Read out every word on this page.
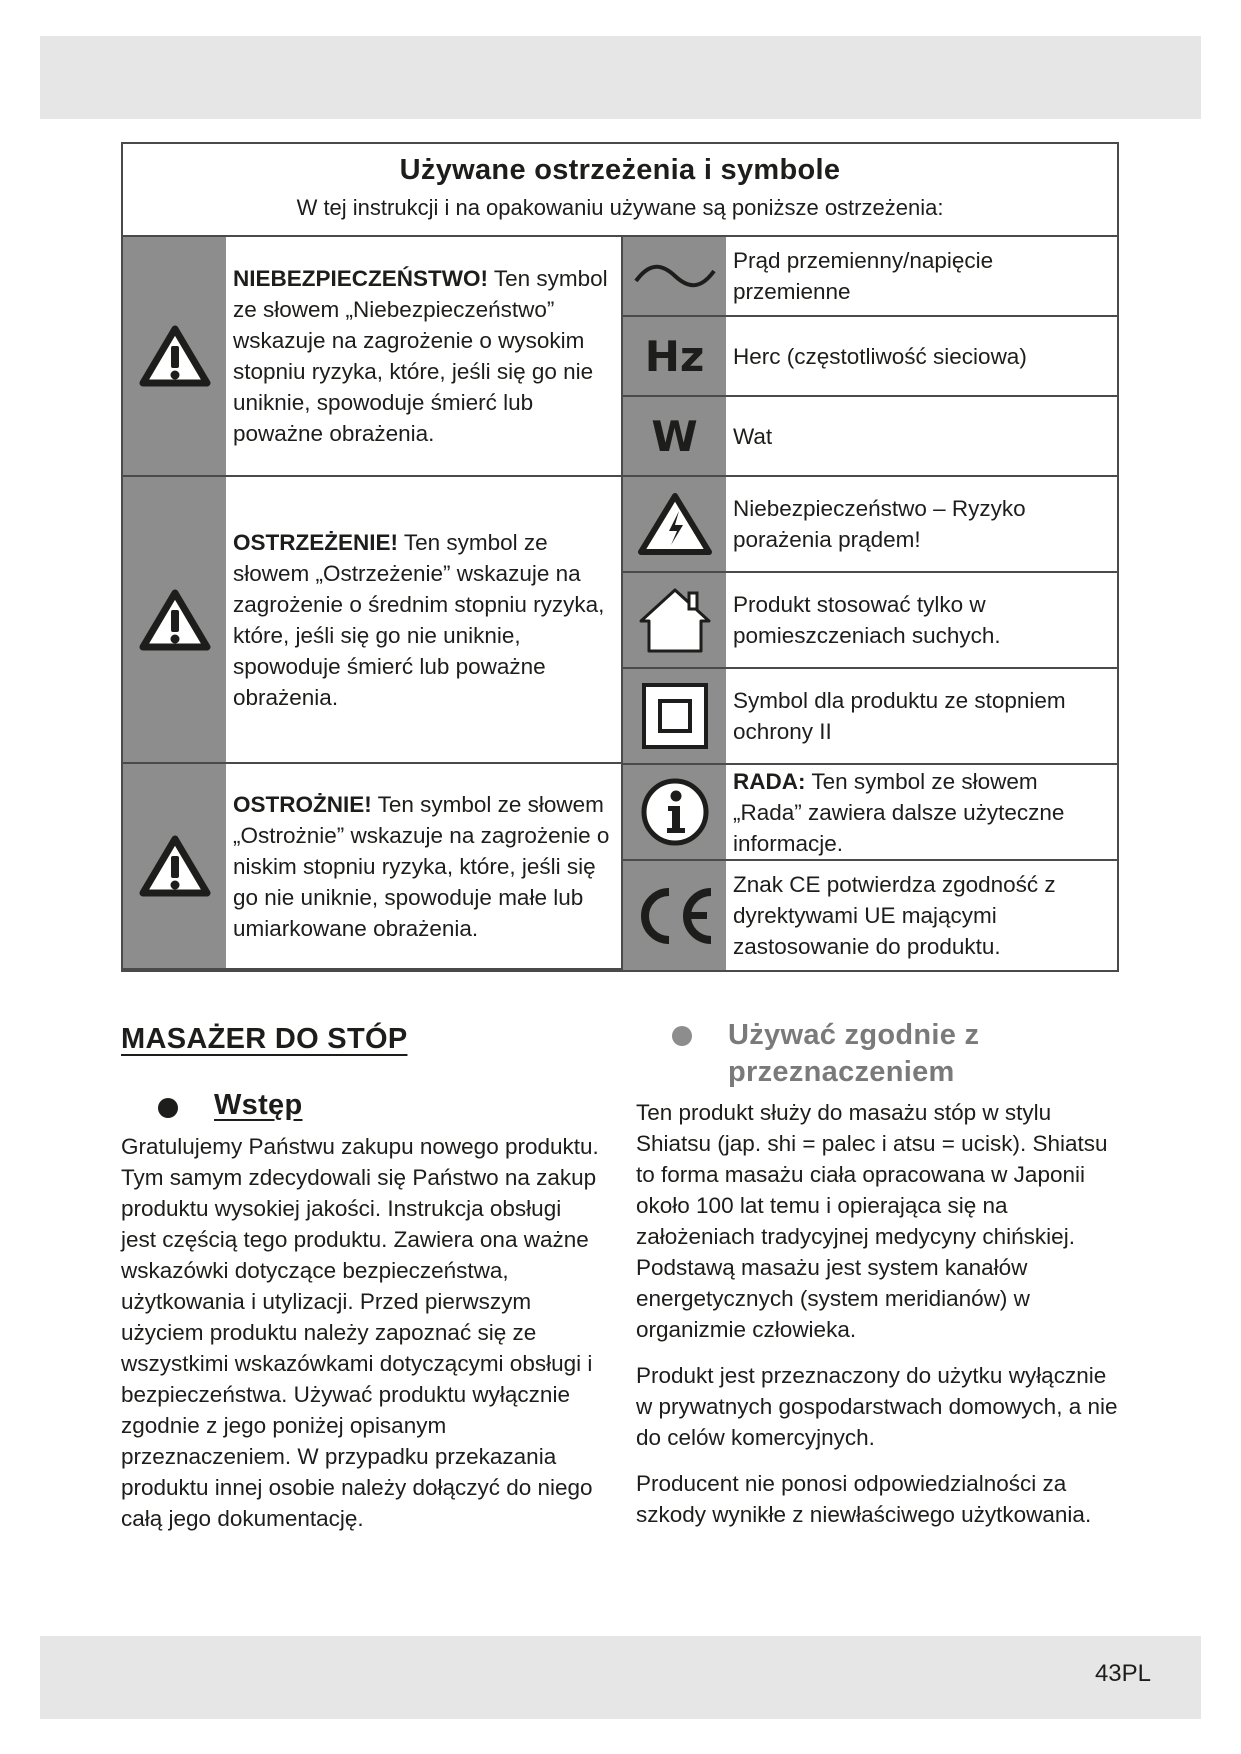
Używane ostrzeżenia i symbole
W tej instrukcji i na opakowaniu używane są poniższe ostrzeżenia:
NIEBEZPIECZEŃSTWO! Ten symbol ze słowem „Niebezpieczeństwo” wskazuje na zagrożenie o wysokim stopniu ryzyka, które, jeśli się go nie uniknie, spowoduje śmierć lub poważne obrażenia.
OSTRZEŻENIE! Ten symbol ze słowem „Ostrzeżenie” wskazuje na zagrożenie o średnim stopniu ryzyka, które, jeśli się go nie uniknie, spowoduje śmierć lub poważne obrażenia.
OSTROŻNIE! Ten symbol ze słowem „Ostrożnie” wskazuje na zagrożenie o niskim stopniu ryzyka, które, jeśli się go nie uniknie, spowoduje małe lub umiarkowane obrażenia.
Prąd przemienny/napięcie przemienne
Hz	Herc (częstotliwość sieciowa)
W	Wat
Niebezpieczeństwo – Ryzyko porażenia prądem!
Produkt stosować tylko w pomieszczeniach suchych.
Symbol dla produktu ze stopniem ochrony II
RADA: Ten symbol ze słowem „Rada” zawiera dalsze użyteczne informacje.
Znak CE potwierdza zgodność z dyrektywami UE mającymi zastosowanie do produktu.
MASAŻER DO STÓP
Wstęp

Gratulujemy Państwu zakupu nowego produktu. Tym samym zdecydowali się Państwo na zakup produktu wysokiej jakości. Instrukcja obsługi jest częścią tego produktu. Zawiera ona ważne wskazówki dotyczące bezpieczeństwa, użytkowania i utylizacji. Przed pierwszym użyciem produktu należy zapoznać się ze wszystkimi wskazówkami dotyczącymi obsługi i bezpieczeństwa. Używać produktu wyłącznie zgodnie z jego poniżej opisanym przeznaczeniem. W przypadku przekazania produktu innej osobie należy dołączyć do niego całą jego dokumentację.

Używać zgodnie z przeznaczeniem

Ten produkt służy do masażu stóp w stylu Shiatsu (jap. shi = palec i atsu = ucisk). Shiatsu to forma masażu ciała opracowana w Japonii około 100 lat temu i opierająca się na założeniach tradycyjnej medycyny chińskiej. Podstawą masażu jest system kanałów energetycznych (system meridianów) w organizmie człowieka.

Produkt jest przeznaczony do użytku wyłącznie w prywatnych gospodarstwach domowych, a nie do celów komercyjnych.

Producent nie ponosi odpowiedzialności za szkody wynikłe z niewłaściwego użytkowania.

43PL
